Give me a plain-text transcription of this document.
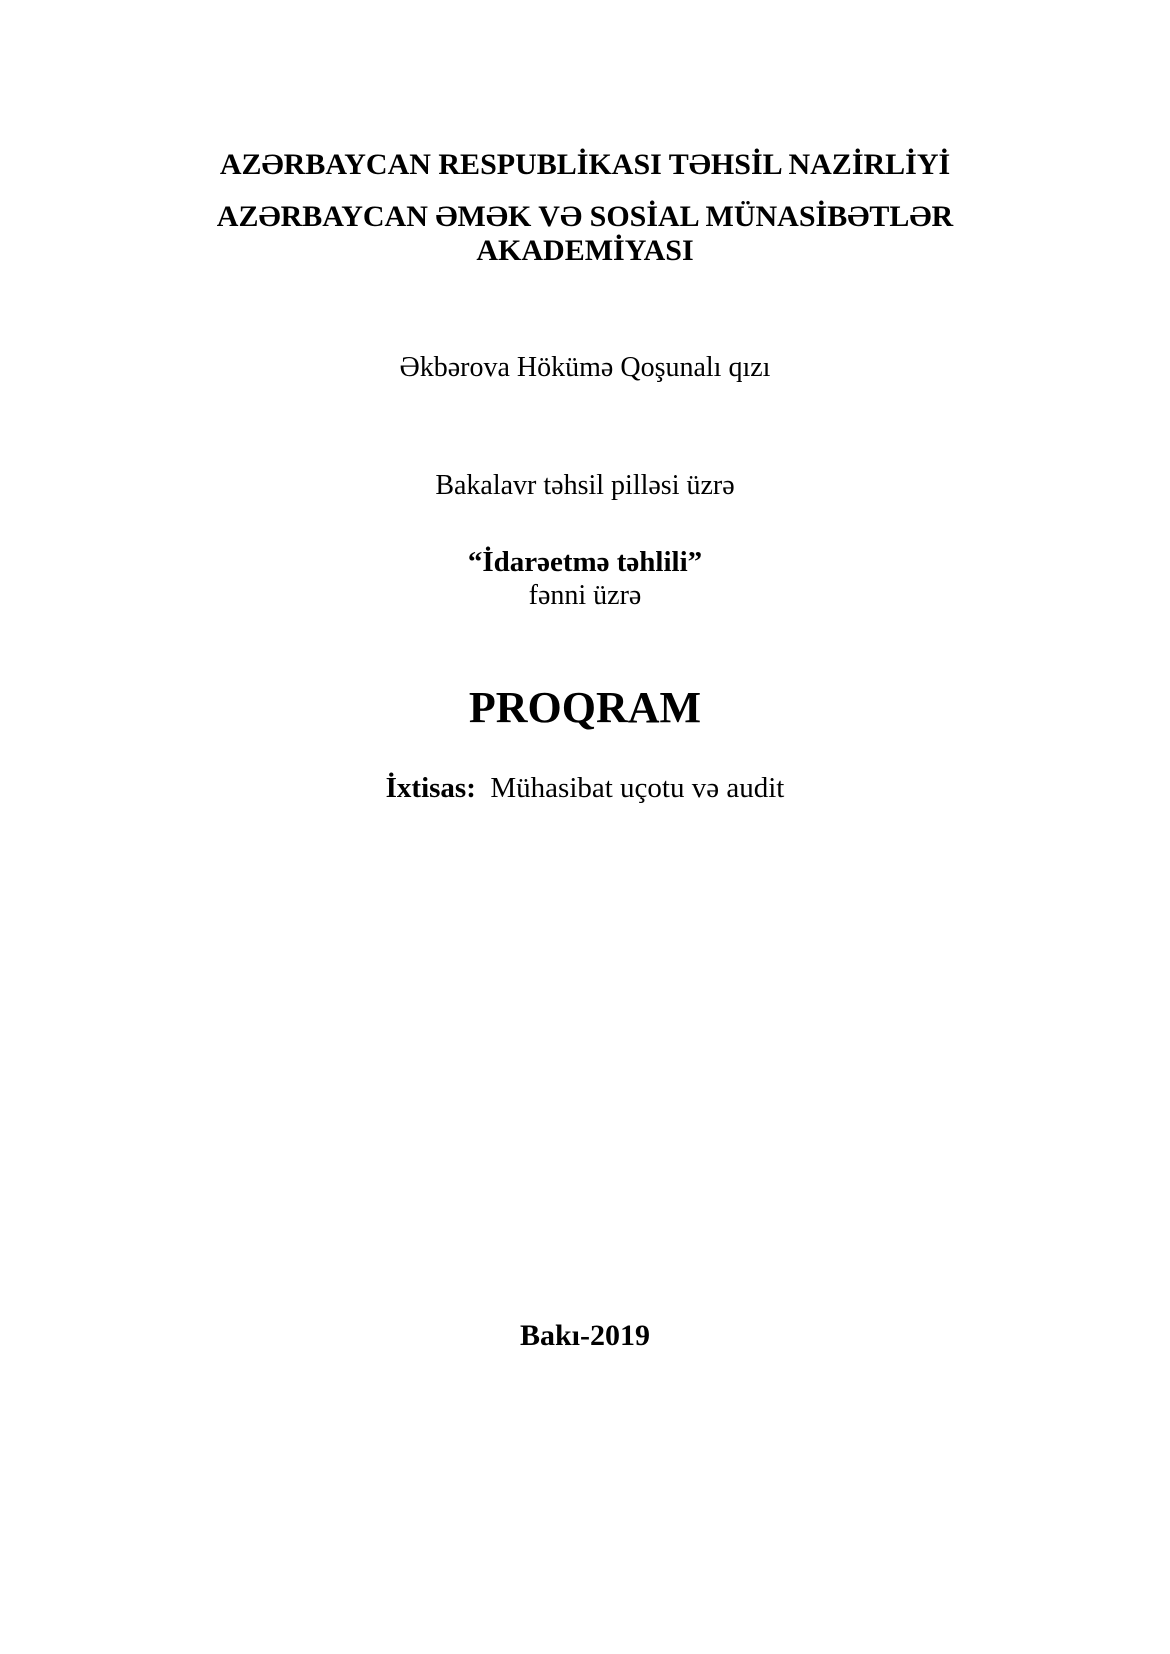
AZƏRBAYCAN RESPUBLİKASI TƏHSİL NAZİRLİYİ
AZƏRBAYCAN ƏMƏK VƏ SOSİAL MÜNASİBƏTLƏR
AKADEMİYASI
Əkbərova Hökümə Qoşunalı qızı
Bakalavr təhsil pilləsi üzrə
“İdarəetmə təhlili”
fənni üzrə
PROQRAM
İxtisas: Mühasibat uçotu və audit
Bakı-2019
